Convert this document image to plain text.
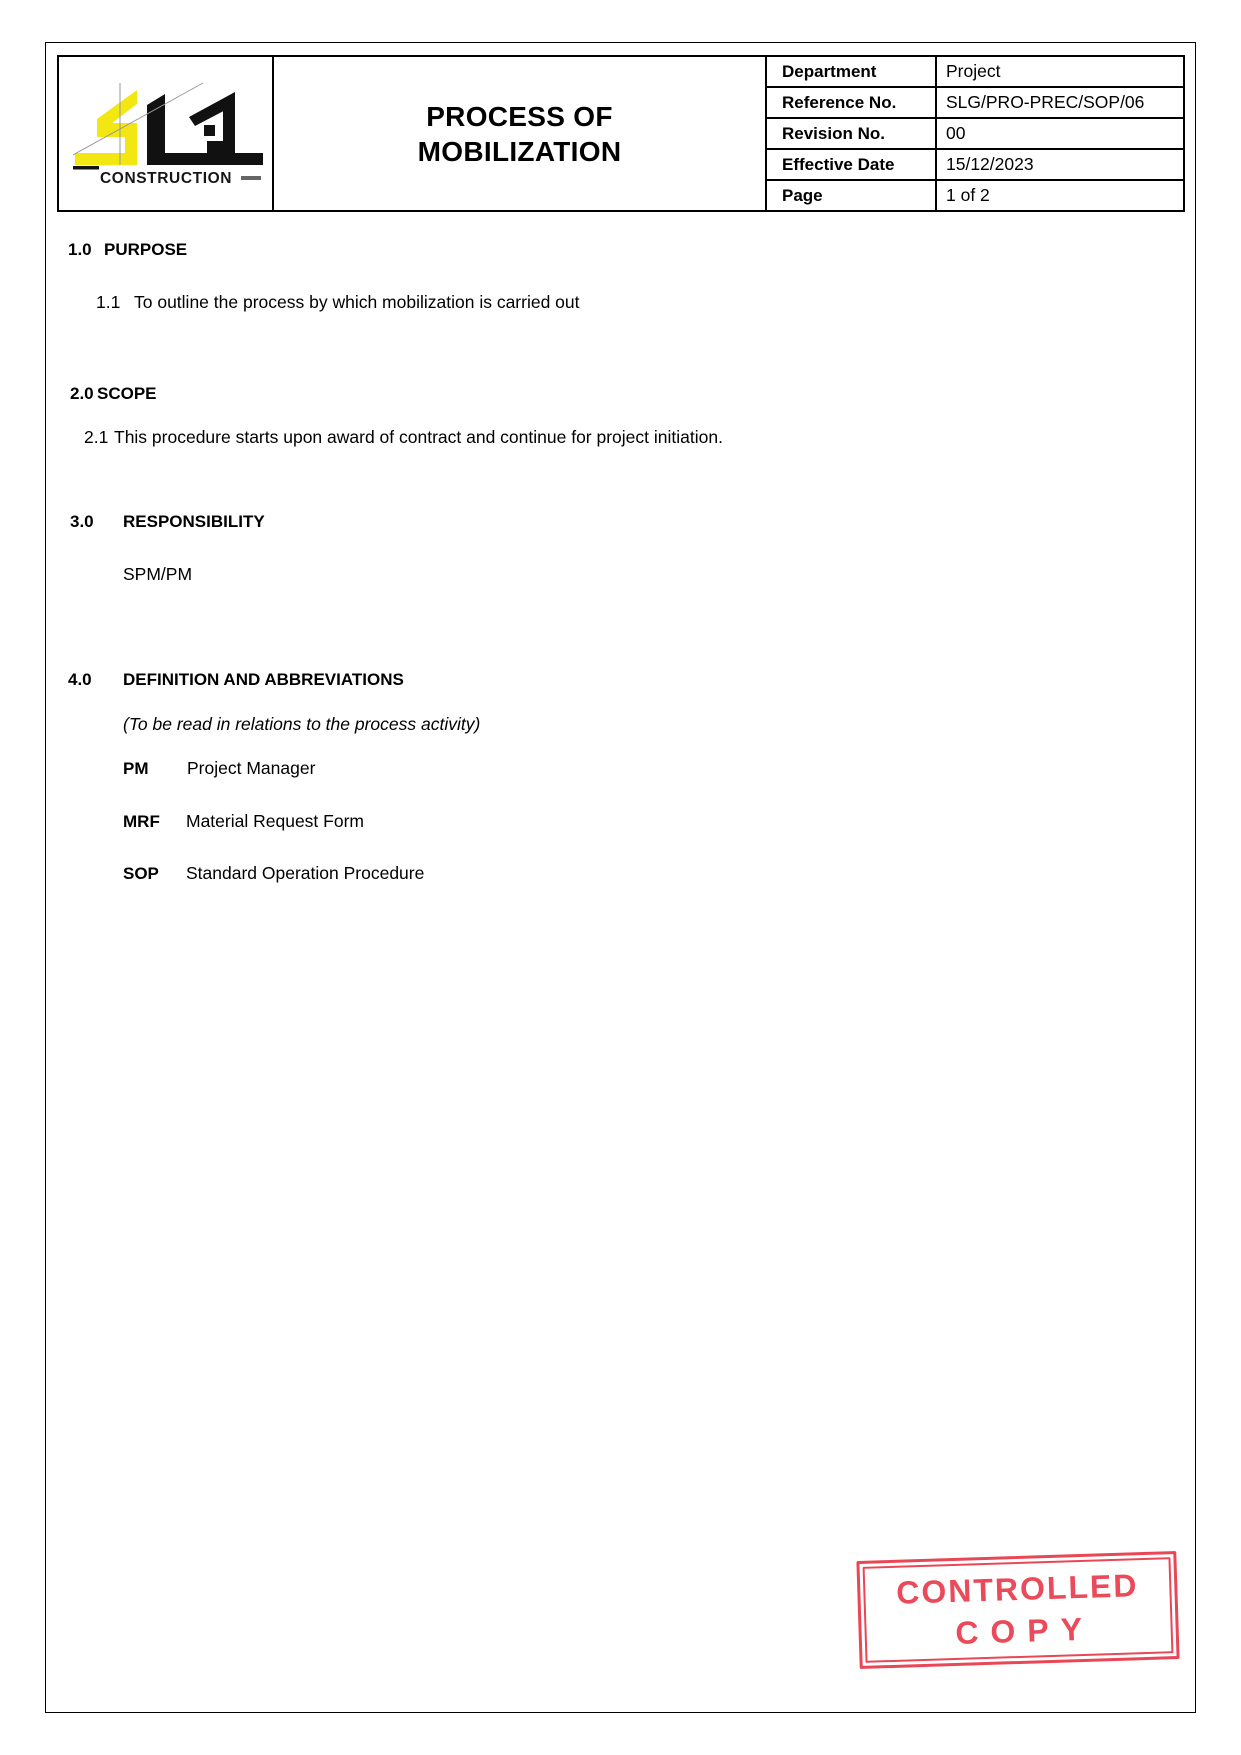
CONSTRUCTION
PROCESS OF
MOBILIZATION
Department	Project
Reference No.	SLG/PRO-PREC/SOP/06
Revision No.	00
Effective Date	15/12/2023
Page	1 of 2
1.0 PURPOSE
1.1 To outline the process by which mobilization is carried out
2.0 SCOPE
2.1 This procedure starts upon award of contract and continue for project initiation.
3.0 RESPONSIBILITY
SPM/PM
4.0 DEFINITION AND ABBREVIATIONS
(To be read in relations to the process activity)
PM Project Manager
MRF Material Request Form
SOP Standard Operation Procedure
CONTROLLED
COPY
